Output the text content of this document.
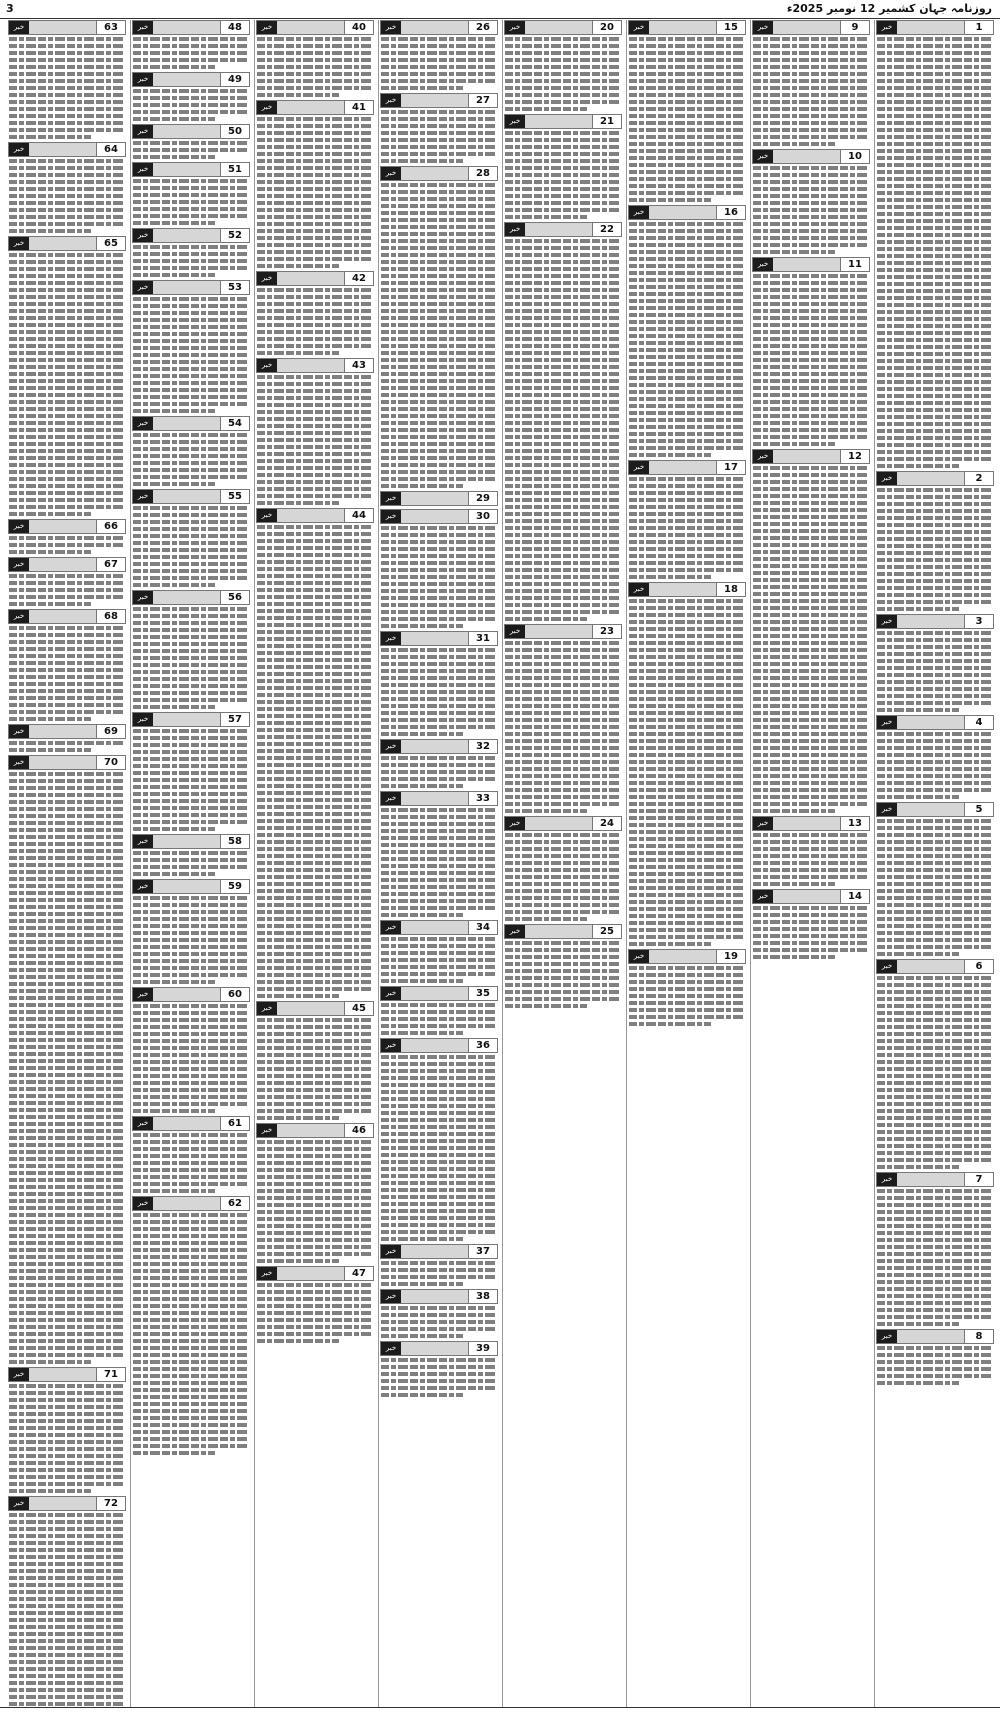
3	روزنامہ جہان کشمیر 12 نومبر 2025ء
خبر	1
خبر	2
خبر	3
خبر	4
خبر	5
خبر	6
خبر	7
خبر	8
خبر	9
خبر	10
خبر	11
خبر	12
خبر	13
خبر	14
خبر	15
خبر	16
خبر	17
خبر	18
خبر	19
خبر	20
خبر	21
خبر	22
خبر	23
خبر	24
خبر	25
خبر	26
خبر	27
خبر	28
خبر	29
خبر	30
خبر	31
خبر	32
خبر	33
خبر	34
خبر	35
خبر	36
خبر	37
خبر	38
خبر	39
خبر	40
خبر	41
خبر	42
خبر	43
خبر	44
خبر	45
خبر	46
خبر	47
خبر	48
خبر	49
خبر	50
خبر	51
خبر	52
خبر	53
خبر	54
خبر	55
خبر	56
خبر	57
خبر	58
خبر	59
خبر	60
خبر	61
خبر	62
خبر	63
خبر	64
خبر	65
خبر	66
خبر	67
خبر	68
خبر	69
خبر	70
خبر	71
خبر	72
